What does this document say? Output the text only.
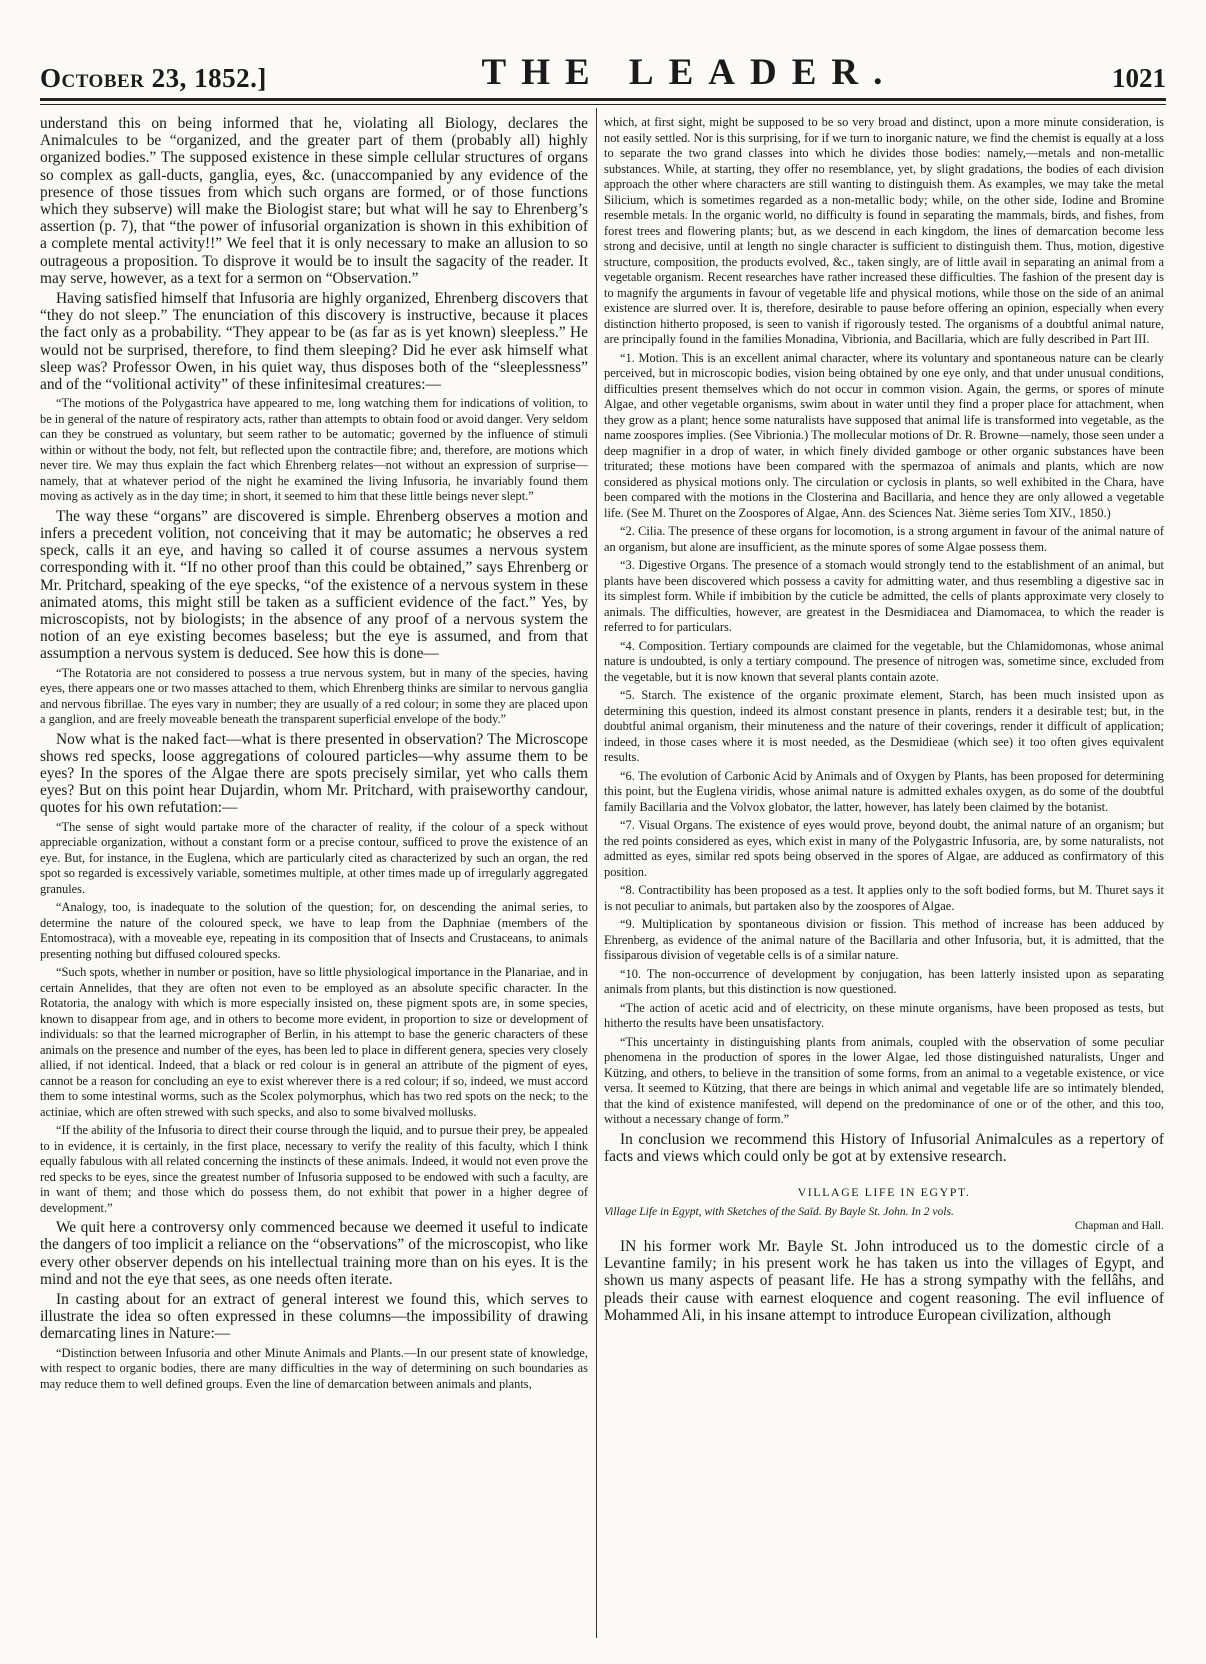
October 23, 1852.]	THE LEADER.	1021

understand this on being informed that he, violating all Biology, declares the Animalcules to be “organized, and the greater part of them (probably all) highly organized bodies.” The supposed existence in these simple cellular structures of organs so complex as gall-ducts, ganglia, eyes, &c. (unaccompanied by any evidence of the presence of those tissues from which such organs are formed, or of those functions which they subserve) will make the Biologist stare; but what will he say to Ehrenberg’s assertion (p. 7), that “the power of infusorial organization is shown in this exhibition of a complete mental activity!!” We feel that it is only necessary to make an allusion to so outrageous a proposition. To disprove it would be to insult the sagacity of the reader. It may serve, however, as a text for a sermon on “Observation.”

Having satisfied himself that Infusoria are highly organized, Ehrenberg discovers that “they do not sleep.” The enunciation of this discovery is instructive, because it places the fact only as a probability. “They appear to be (as far as is yet known) sleepless.” He would not be surprised, therefore, to find them sleeping? Did he ever ask himself what sleep was? Professor Owen, in his quiet way, thus disposes both of the “sleeplessness” and of the “volitional activity” of these infinitesimal creatures:—

“The motions of the Polygastrica have appeared to me, long watching them for indications of volition, to be in general of the nature of respiratory acts, rather than attempts to obtain food or avoid danger. Very seldom can they be construed as voluntary, but seem rather to be automatic; governed by the influence of stimuli within or without the body, not felt, but reflected upon the contractile fibre; and, therefore, are motions which never tire. We may thus explain the fact which Ehrenberg relates—not without an expression of surprise—namely, that at whatever period of the night he examined the living Infusoria, he invariably found them moving as actively as in the day time; in short, it seemed to him that these little beings never slept.”

The way these “organs” are discovered is simple. Ehrenberg observes a motion and infers a precedent volition, not conceiving that it may be automatic; he observes a red speck, calls it an eye, and having so called it of course assumes a nervous system corresponding with it. “If no other proof than this could be obtained,” says Ehrenberg or Mr. Pritchard, speaking of the eye specks, “of the existence of a nervous system in these animated atoms, this might still be taken as a sufficient evidence of the fact.” Yes, by microscopists, not by biologists; in the absence of any proof of a nervous system the notion of an eye existing becomes baseless; but the eye is assumed, and from that assumption a nervous system is deduced. See how this is done—

“The Rotatoria are not considered to possess a true nervous system, but in many of the species, having eyes, there appears one or two masses attached to them, which Ehrenberg thinks are similar to nervous ganglia and nervous fibrillae. The eyes vary in number; they are usually of a red colour; in some they are placed upon a ganglion, and are freely moveable beneath the transparent superficial envelope of the body.”

Now what is the naked fact—what is there presented in observation? The Microscope shows red specks, loose aggregations of coloured particles—why assume them to be eyes? In the spores of the Algae there are spots precisely similar, yet who calls them eyes? But on this point hear Dujardin, whom Mr. Pritchard, with praiseworthy candour, quotes for his own refutation:—

“The sense of sight would partake more of the character of reality, if the colour of a speck without appreciable organization, without a constant form or a precise contour, sufficed to prove the existence of an eye. But, for instance, in the Euglena, which are particularly cited as characterized by such an organ, the red spot so regarded is excessively variable, sometimes multiple, at other times made up of irregularly aggregated granules.

“Analogy, too, is inadequate to the solution of the question; for, on descending the animal series, to determine the nature of the coloured speck, we have to leap from the Daphniae (members of the Entomostraca), with a moveable eye, repeating in its composition that of Insects and Crustaceans, to animals presenting nothing but diffused coloured specks.

“Such spots, whether in number or position, have so little physiological importance in the Planariae, and in certain Annelides, that they are often not even to be employed as an absolute specific character. In the Rotatoria, the analogy with which is more especially insisted on, these pigment spots are, in some species, known to disappear from age, and in others to become more evident, in proportion to size or development of individuals: so that the learned micrographer of Berlin, in his attempt to base the generic characters of these animals on the presence and number of the eyes, has been led to place in different genera, species very closely allied, if not identical. Indeed, that a black or red colour is in general an attribute of the pigment of eyes, cannot be a reason for concluding an eye to exist wherever there is a red colour; if so, indeed, we must accord them to some intestinal worms, such as the Scolex polymorphus, which has two red spots on the neck; to the actiniae, which are often strewed with such specks, and also to some bivalved mollusks.

“If the ability of the Infusoria to direct their course through the liquid, and to pursue their prey, be appealed to in evidence, it is certainly, in the first place, necessary to verify the reality of this faculty, which I think equally fabulous with all related concerning the instincts of these animals. Indeed, it would not even prove the red specks to be eyes, since the greatest number of Infusoria supposed to be endowed with such a faculty, are in want of them; and those which do possess them, do not exhibit that power in a higher degree of development.”

We quit here a controversy only commenced because we deemed it useful to indicate the dangers of too implicit a reliance on the “observations” of the microscopist, who like every other observer depends on his intellectual training more than on his eyes. It is the mind and not the eye that sees, as one needs often iterate.

In casting about for an extract of general interest we found this, which serves to illustrate the idea so often expressed in these columns—the impossibility of drawing demarcating lines in Nature:—

“Distinction between Infusoria and other Minute Animals and Plants.—In our present state of knowledge, with respect to organic bodies, there are many difficulties in the way of determining on such boundaries as may reduce them to well defined groups. Even the line of demarcation between animals and plants,

which, at first sight, might be supposed to be so very broad and distinct, upon a more minute consideration, is not easily settled. Nor is this surprising, for if we turn to inorganic nature, we find the chemist is equally at a loss to separate the two grand classes into which he divides those bodies: namely,—metals and non-metallic substances. While, at starting, they offer no resemblance, yet, by slight gradations, the bodies of each division approach the other where characters are still wanting to distinguish them. As examples, we may take the metal Silicium, which is sometimes regarded as a non-metallic body; while, on the other side, Iodine and Bromine resemble metals. In the organic world, no difficulty is found in separating the mammals, birds, and fishes, from forest trees and flowering plants; but, as we descend in each kingdom, the lines of demarcation become less strong and decisive, until at length no single character is sufficient to distinguish them. Thus, motion, digestive structure, composition, the products evolved, &c., taken singly, are of little avail in separating an animal from a vegetable organism. Recent researches have rather increased these difficulties. The fashion of the present day is to magnify the arguments in favour of vegetable life and physical motions, while those on the side of an animal existence are slurred over. It is, therefore, desirable to pause before offering an opinion, especially when every distinction hitherto proposed, is seen to vanish if rigorously tested. The organisms of a doubtful animal nature, are principally found in the families Monadina, Vibrionia, and Bacillaria, which are fully described in Part III.

“1. Motion. This is an excellent animal character, where its voluntary and spontaneous nature can be clearly perceived, but in microscopic bodies, vision being obtained by one eye only, and that under unusual conditions, difficulties present themselves which do not occur in common vision. Again, the germs, or spores of minute Algae, and other vegetable organisms, swim about in water until they find a proper place for attachment, when they grow as a plant; hence some naturalists have supposed that animal life is transformed into vegetable, as the name zoospores implies. (See Vibrionia.) The mollecular motions of Dr. R. Browne—namely, those seen under a deep magnifier in a drop of water, in which finely divided gamboge or other organic substances have been triturated; these motions have been compared with the spermazoa of animals and plants, which are now considered as physical motions only. The circulation or cyclosis in plants, so well exhibited in the Chara, have been compared with the motions in the Closterina and Bacillaria, and hence they are only allowed a vegetable life. (See M. Thuret on the Zoospores of Algae, Ann. des Sciences Nat. 3ième series Tom XIV., 1850.)

“2. Cilia. The presence of these organs for locomotion, is a strong argument in favour of the animal nature of an organism, but alone are insufficient, as the minute spores of some Algae possess them.

“3. Digestive Organs. The presence of a stomach would strongly tend to the establishment of an animal, but plants have been discovered which possess a cavity for admitting water, and thus resembling a digestive sac in its simplest form. While if imbibition by the cuticle be admitted, the cells of plants approximate very closely to animals. The difficulties, however, are greatest in the Desmidiacea and Diamomacea, to which the reader is referred to for particulars.

“4. Composition. Tertiary compounds are claimed for the vegetable, but the Chlamidomonas, whose animal nature is undoubted, is only a tertiary compound. The presence of nitrogen was, sometime since, excluded from the vegetable, but it is now known that several plants contain azote.

“5. Starch. The existence of the organic proximate element, Starch, has been much insisted upon as determining this question, indeed its almost constant presence in plants, renders it a desirable test; but, in the doubtful animal organism, their minuteness and the nature of their coverings, render it difficult of application; indeed, in those cases where it is most needed, as the Desmidieae (which see) it too often gives equivalent results.

“6. The evolution of Carbonic Acid by Animals and of Oxygen by Plants, has been proposed for determining this point, but the Euglena viridis, whose animal nature is admitted exhales oxygen, as do some of the doubtful family Bacillaria and the Volvox globator, the latter, however, has lately been claimed by the botanist.

“7. Visual Organs. The existence of eyes would prove, beyond doubt, the animal nature of an organism; but the red points considered as eyes, which exist in many of the Polygastric Infusoria, are, by some naturalists, not admitted as eyes, similar red spots being observed in the spores of Algae, are adduced as confirmatory of this position.

“8. Contractibility has been proposed as a test. It applies only to the soft bodied forms, but M. Thuret says it is not peculiar to animals, but partaken also by the zoospores of Algae.

“9. Multiplication by spontaneous division or fission. This method of increase has been adduced by Ehrenberg, as evidence of the animal nature of the Bacillaria and other Infusoria, but, it is admitted, that the fissiparous division of vegetable cells is of a similar nature.

“10. The non-occurrence of development by conjugation, has been latterly insisted upon as separating animals from plants, but this distinction is now questioned.

“The action of acetic acid and of electricity, on these minute organisms, have been proposed as tests, but hitherto the results have been unsatisfactory.

“This uncertainty in distinguishing plants from animals, coupled with the observation of some peculiar phenomena in the production of spores in the lower Algae, led those distinguished naturalists, Unger and Kützing, and others, to believe in the transition of some forms, from an animal to a vegetable existence, or vice versa. It seemed to Kützing, that there are beings in which animal and vegetable life are so intimately blended, that the kind of existence manifested, will depend on the predominance of one or of the other, and this too, without a necessary change of form.”

In conclusion we recommend this History of Infusorial Animalcules as a repertory of facts and views which could only be got at by extensive research.

VILLAGE LIFE IN EGYPT.

Village Life in Egypt, with Sketches of the Saïd. By Bayle St. John. In 2 vols.

Chapman and Hall.

IN his former work Mr. Bayle St. John introduced us to the domestic circle of a Levantine family; in his present work he has taken us into the villages of Egypt, and shown us many aspects of peasant life. He has a strong sympathy with the fellâhs, and pleads their cause with earnest eloquence and cogent reasoning. The evil influence of Mohammed Ali, in his insane attempt to introduce European civilization, although
